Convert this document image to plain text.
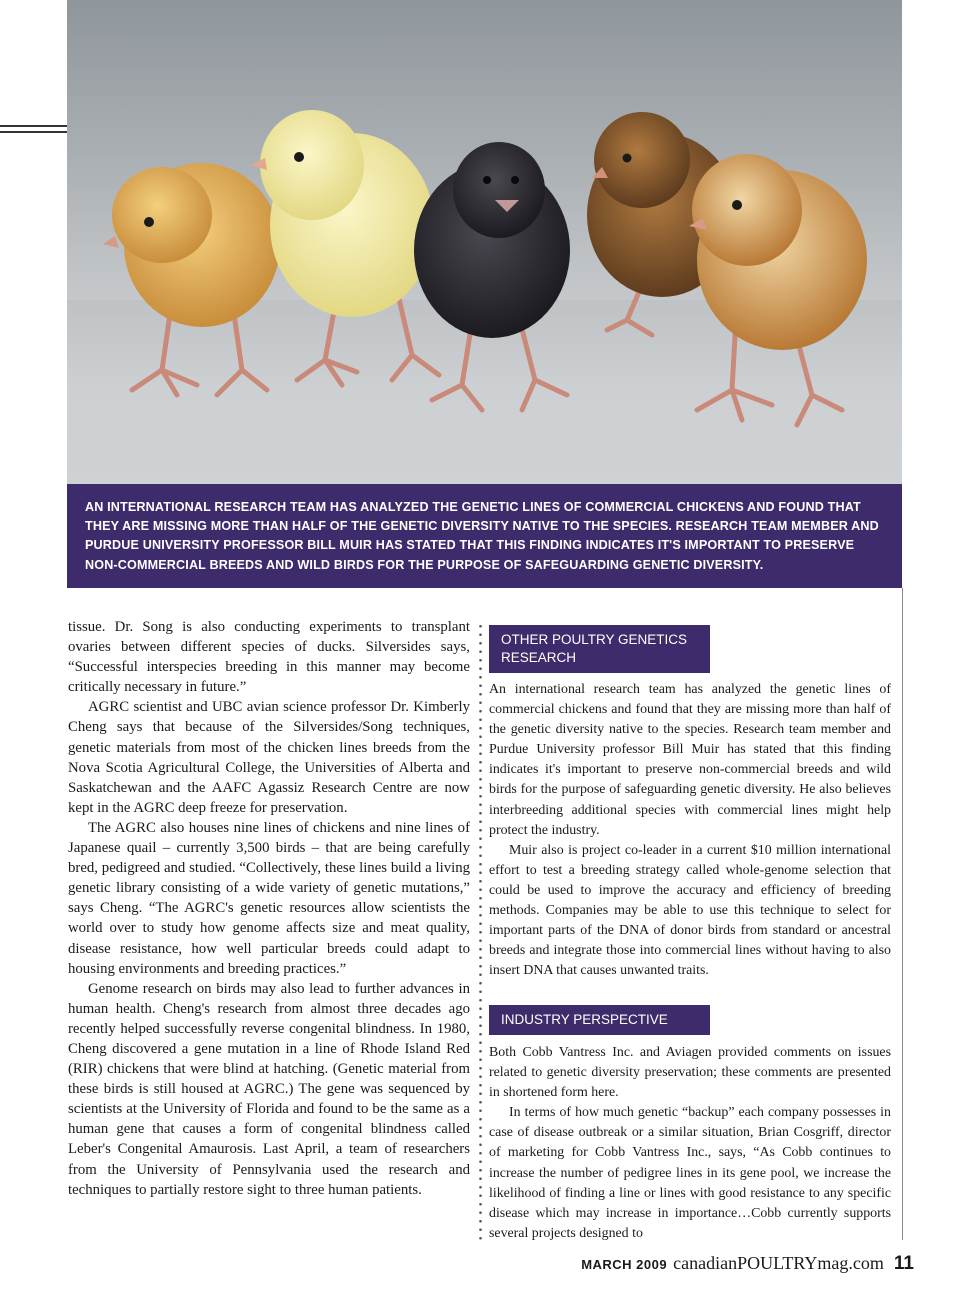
AN INTERNATIONAL RESEARCH TEAM HAS ANALYZED THE GENETIC LINES OF COMMERCIAL CHICKENS AND FOUND THAT THEY ARE MISSING MORE THAN HALF OF THE GENETIC DIVERSITY NATIVE TO THE SPECIES. RESEARCH TEAM MEMBER AND PURDUE UNIVERSITY PROFESSOR BILL MUIR HAS STATED THAT THIS FINDING INDICATES IT'S IMPORTANT TO PRESERVE NON-COMMERCIAL BREEDS AND WILD BIRDS FOR THE PURPOSE OF SAFEGUARDING GENETIC DIVERSITY.

tissue. Dr. Song is also conducting experiments to transplant ovaries between different species of ducks. Silversides says, “Successful interspecies breeding in this manner may become critically necessary in future.”

AGRC scientist and UBC avian science professor Dr. Kimberly Cheng says that because of the Silversides/Song techniques, genetic materials from most of the chicken lines breeds from the Nova Scotia Agricultural College, the Universities of Alberta and Saskatchewan and the AAFC Agassiz Research Centre are now kept in the AGRC deep freeze for preservation.

The AGRC also houses nine lines of chickens and nine lines of Japanese quail – currently 3,500 birds – that are being carefully bred, pedigreed and studied. “Collectively, these lines build a living genetic library consisting of a wide variety of genetic mutations,” says Cheng. “The AGRC's genetic resources allow scientists the world over to study how genome affects size and meat quality, disease resistance, how well particular breeds could adapt to housing environments and breeding practices.”

Genome research on birds may also lead to further advances in human health. Cheng's research from almost three decades ago recently helped successfully reverse congenital blindness. In 1980, Cheng discovered a gene mutation in a line of Rhode Island Red (RIR) chickens that were blind at hatching. (Genetic material from these birds is still housed at AGRC.) The gene was sequenced by scientists at the University of Florida and found to be the same as a human gene that causes a form of congenital blindness called Leber's Congenital Amaurosis. Last April, a team of researchers from the University of Pennsylvania used the research and techniques to partially restore sight to three human patients.

OTHER POULTRY GENETICS RESEARCH

An international research team has analyzed the genetic lines of commercial chickens and found that they are missing more than half of the genetic diversity native to the species. Research team member and Purdue University professor Bill Muir has stated that this finding indicates it's important to preserve non-commercial breeds and wild birds for the purpose of safeguarding genetic diversity. He also believes interbreeding additional species with commercial lines might help protect the industry.

Muir also is project co-leader in a current $10 million international effort to test a breeding strategy called whole-genome selection that could be used to improve the accuracy and efficiency of breeding methods. Companies may be able to use this technique to select for important parts of the DNA of donor birds from standard or ancestral breeds and integrate those into commercial lines without having to also insert DNA that causes unwanted traits.

INDUSTRY PERSPECTIVE

Both Cobb Vantress Inc. and Aviagen provided comments on issues related to genetic diversity preservation; these comments are presented in shortened form here.

In terms of how much genetic “backup” each company possesses in case of disease outbreak or a similar situation, Brian Cosgriff, director of marketing for Cobb Vantress Inc., says, “As Cobb continues to increase the number of pedigree lines in its gene pool, we increase the likelihood of finding a line or lines with good resistance to any specific disease which may increase in importance…Cobb currently supports several projects designed to

MARCH 2009 canadianPOULTRYmag.com 11
